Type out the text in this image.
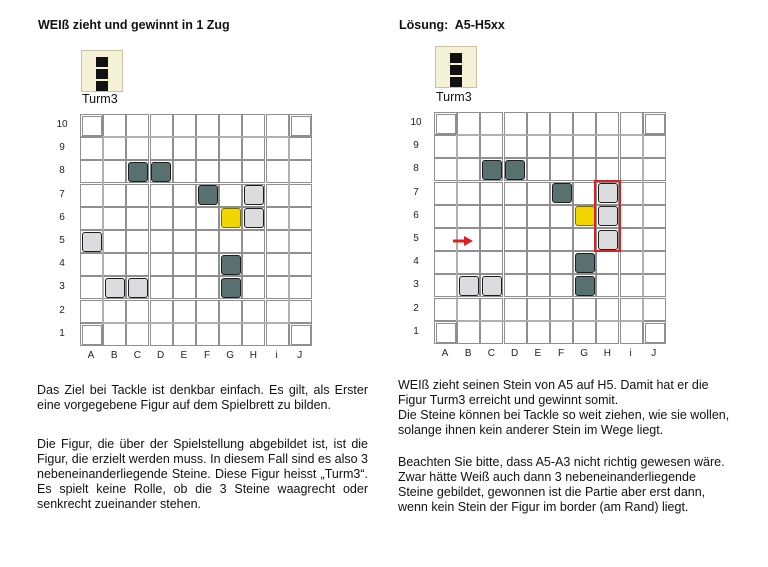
WEIß zieht und gewinnt in 1 Zug
Turm3
10
9
8
7
6
5
4
3
2
1
A	B	C	D	E	F	G	H	i	J
Das Ziel bei Tackle ist denkbar einfach. Es gilt, als Erster eine vorgegebene Figur auf dem Spielbrett zu bilden.
Die Figur, die über der Spielstellung abgebildet ist, ist die Figur, die erzielt werden muss. In diesem Fall sind es also 3 nebeneinanderliegende Steine. Diese Figur heisst „Turm3“. Es spielt keine Rolle, ob die 3 Steine waagrecht oder senkrecht zueinander stehen.
Lösung:  A5-H5xx
Turm3
10
9
8
7
6
5
4
3
2
1
A	B	C	D	E	F	G	H	i	J
WEIß zieht seinen Stein von A5 auf H5. Damit hat er die Figur Turm3 erreicht und gewinnt somit.
Die Steine können bei Tackle so weit ziehen, wie sie wollen, solange ihnen kein anderer Stein im Wege liegt.
Beachten Sie bitte, dass A5-A3 nicht richtig gewesen wäre. Zwar hätte Weiß auch dann 3 nebeneinanderliegende Steine gebildet, gewonnen ist die Partie aber erst dann, wenn kein Stein der Figur im border (am Rand) liegt.
